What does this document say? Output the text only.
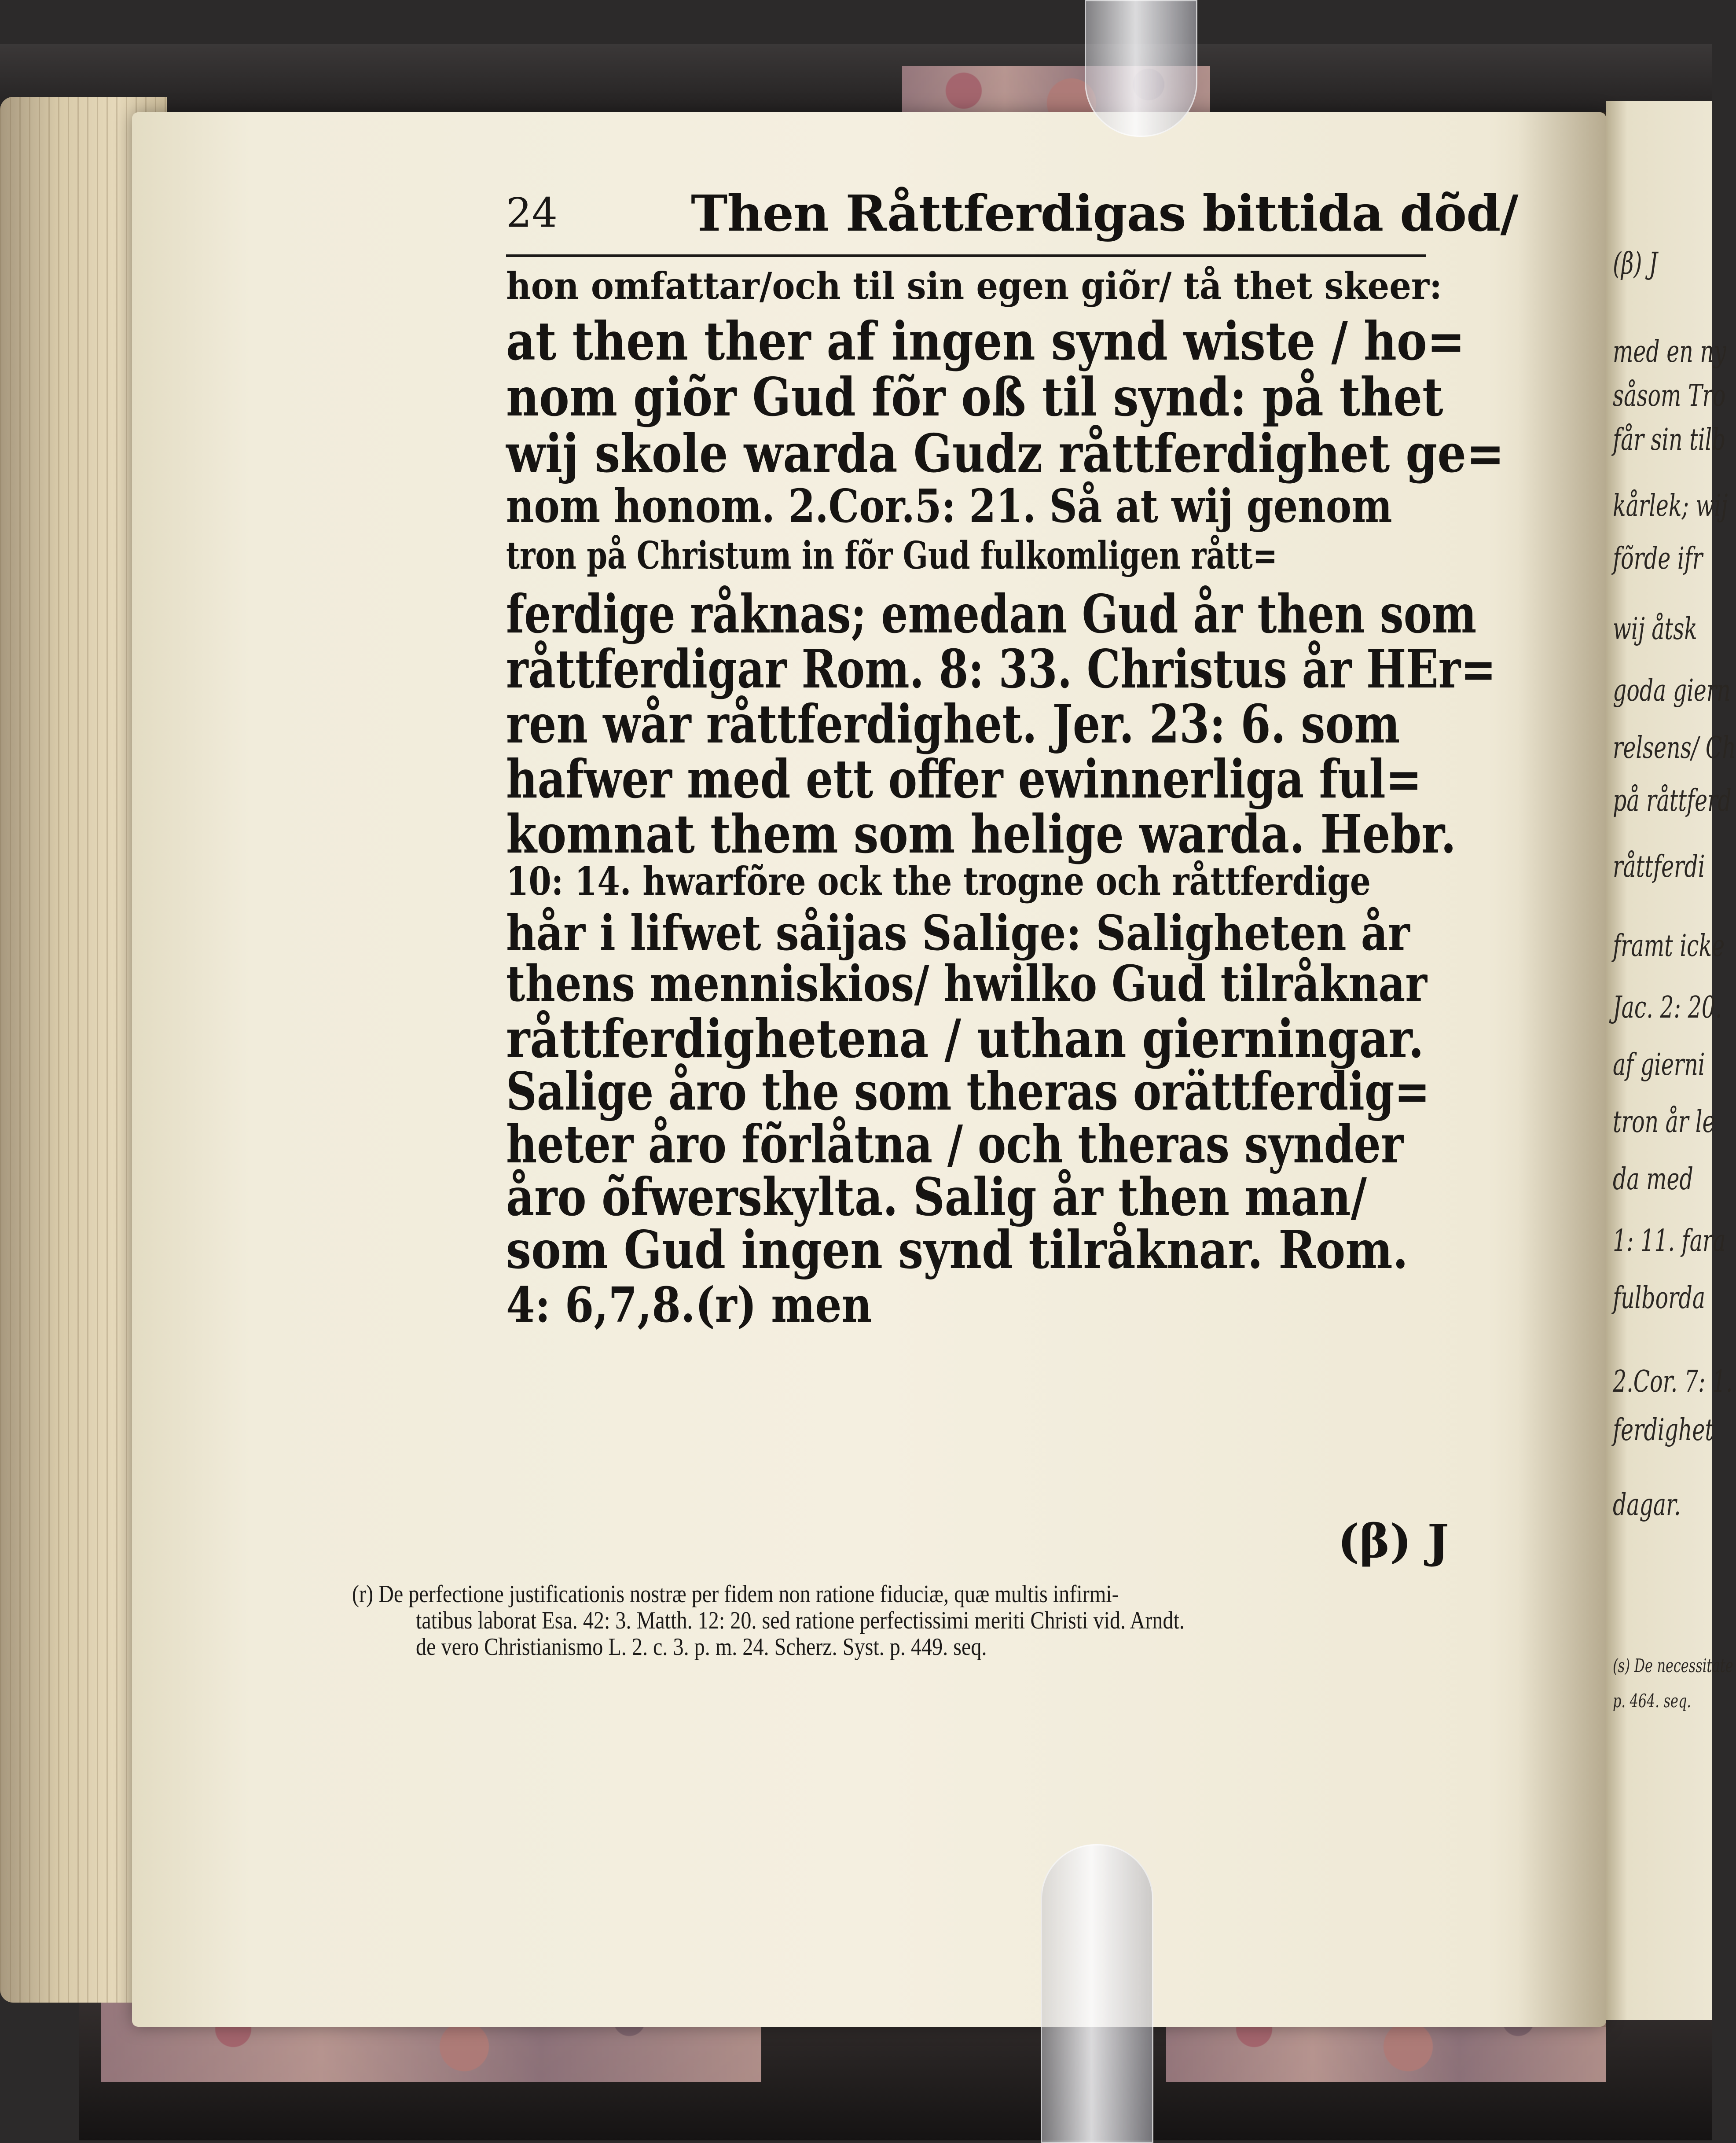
(β) J
med en ny
såsom Tro
får sin tilb
kårlek; wij
fõrde ifr
wij åtsk
goda giern
relsens/ Ch
på råttferd
råttferdi
framt icke
Jac. 2: 20.
af gierni
tron år le
da med
1: 11. fara
fulborda
2.Cor. 7: 1.
ferdighet
dagar.
(s) De necessitate
p. 464. seq.
24	Then Råttferdigas bittida dõd/
hon omfattar/och til sin egen giõr/ tå thet skeer:
at then ther af ingen synd wiste / ho=
nom giõr Gud fõr oß til synd: på thet
wij skole warda Gudz råttferdighet ge=
nom honom. 2.Cor.5: 21. Så at wij genom
tron på Christum in fõr Gud fulkomligen rått=
ferdige råknas; emedan Gud år then som
råttferdigar Rom. 8: 33. Christus år HEr=
ren wår råttferdighet. Jer. 23: 6. som
hafwer med ett offer ewinnerliga ful=
komnat them som helige warda. Hebr.
10: 14. hwarfõre ock the trogne och råttferdige
hår i lifwet såijas Salige: Saligheten år
thens menniskios/ hwilko Gud tilråknar
råttferdighetena / uthan gierningar.
Salige åro the som theras orättferdig=
heter åro fõrlåtna / och theras synder
åro õfwerskylta. Salig år then man/
som Gud ingen synd tilråknar. Rom.
4: 6,7,8.(r) men
(β) J
(r) De perfectione justificationis nostræ per fidem non ratione fiduciæ, quæ multis infirmi-
tatibus laborat Esa. 42: 3. Matth. 12: 20. sed ratione perfectissimi meriti Christi vid. Arndt.
de vero Christianismo L. 2. c. 3. p. m. 24. Scherz. Syst. p. 449. seq.
